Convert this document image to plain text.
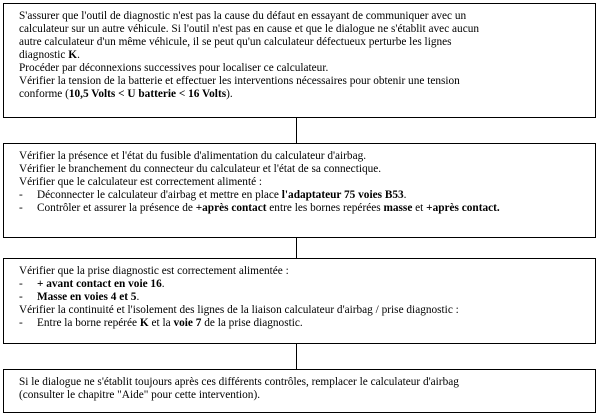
S'assurer que l'outil de diagnostic n'est pas la cause du défaut en essayant de communiquer avec un
calculateur sur un autre véhicule. Si l'outil n'est pas en cause et que le dialogue ne s'établit avec aucun
autre calculateur d'un même véhicule, il se peut qu'un calculateur défectueux perturbe les lignes
diagnostic K.
Procéder par déconnexions successives pour localiser ce calculateur.
Vérifier la tension de la batterie et effectuer les interventions nécessaires pour obtenir une tension
conforme (10,5 Volts < U batterie < 16 Volts).
Vérifier la présence et l'état du fusible d'alimentation du calculateur d'airbag.
Vérifier le branchement du connecteur du calculateur et l'état de sa connectique.
Vérifier que le calculateur est correctement alimenté :
- Déconnecter le calculateur d'airbag et mettre en place l'adaptateur 75 voies B53.
- Contrôler et assurer la présence de +après contact entre les bornes repérées masse et +après contact.
Vérifier que la prise diagnostic est correctement alimentée :
- + avant contact en voie 16.
- Masse en voies 4 et 5.
Vérifier la continuité et l'isolement des lignes de la liaison calculateur d'airbag / prise diagnostic :
- Entre la borne repérée K et la voie 7 de la prise diagnostic.
Si le dialogue ne s'établit toujours après ces différents contrôles, remplacer le calculateur d'airbag
(consulter le chapitre "Aide" pour cette intervention).
